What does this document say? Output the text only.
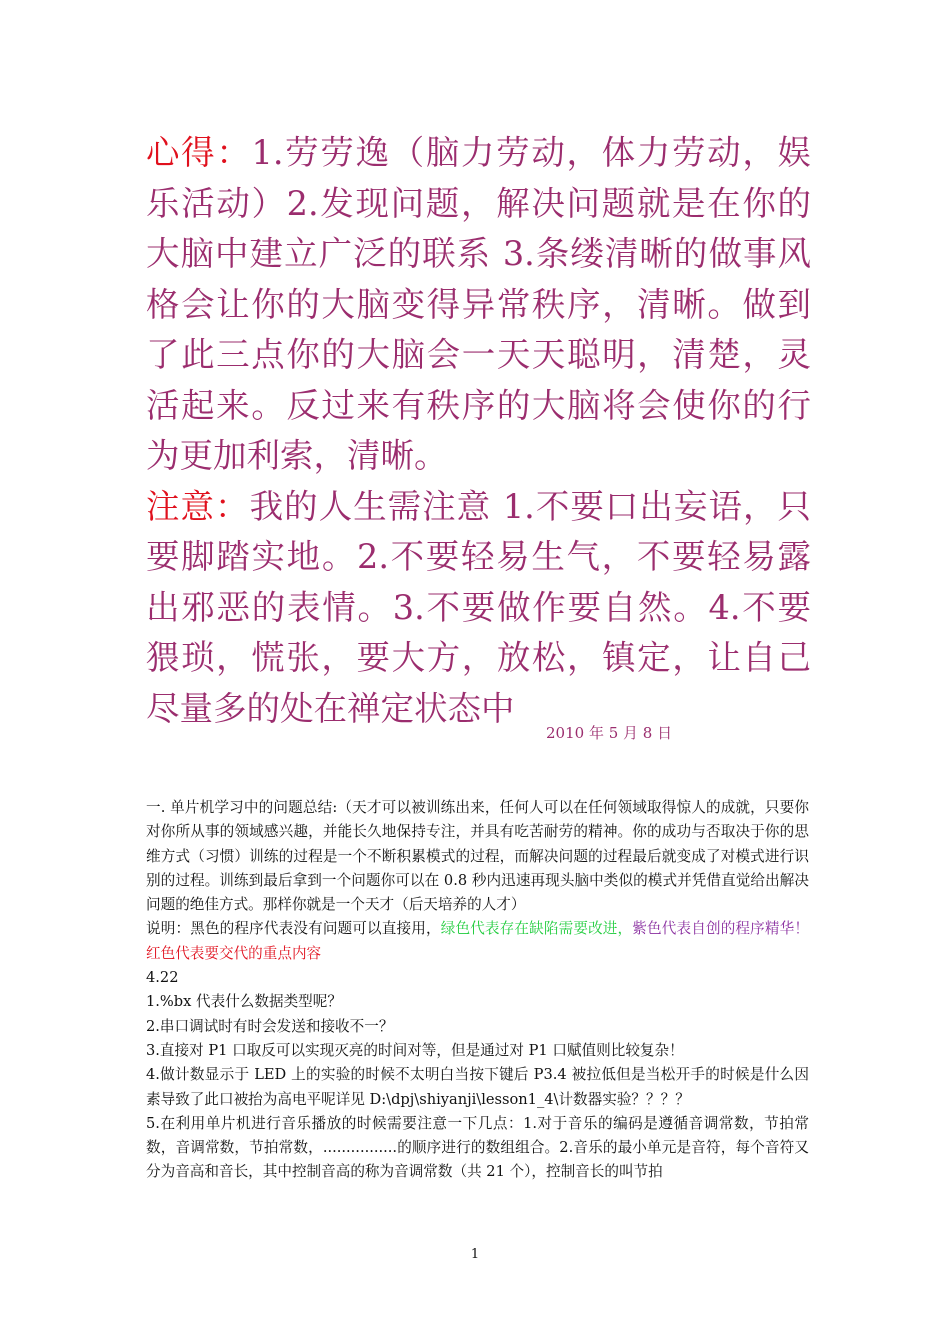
心得：1.劳劳逸（脑力劳动，体力劳动，娱乐活动）2.发现问题，解决问题就是在你的大脑中建立广泛的联系 3.条缕清晰的做事风格会让你的大脑变得异常秩序，清晰。做到了此三点你的大脑会一天天聪明，清楚，灵活起来。反过来有秩序的大脑将会使你的行为更加利索，清晰。
注意：我的人生需注意 1.不要口出妄语，只要脚踏实地。2.不要轻易生气，不要轻易露出邪恶的表情。3.不要做作要自然。4.不要猥琐，慌张，要大方，放松，镇定，让自己尽量多的处在禅定状态中
2010 年 5 月 8 日

一. 单片机学习中的问题总结:（天才可以被训练出来，任何人可以在任何领域取得惊人的成就，只要你对你所从事的领域感兴趣，并能长久地保持专注，并具有吃苦耐劳的精神。你的成功与否取决于你的思维方式（习惯）训练的过程是一个不断积累模式的过程，而解决问题的过程最后就变成了对模式进行识别的过程。训练到最后拿到一个问题你可以在 0.8 秒内迅速再现头脑中类似的模式并凭借直觉给出解决问题的绝佳方式。那样你就是一个天才（后天培养的人才）

说明：黑色的程序代表没有问题可以直接用，绿色代表存在缺陷需要改进，紫色代表自创的程序精华！红色代表要交代的重点内容

4.22

1.%bx 代表什么数据类型呢？

2.串口调试时有时会发送和接收不一？

3.直接对 P1 口取反可以实现灭亮的时间对等，但是通过对 P1 口赋值则比较复杂！

4.做计数显示于 LED 上的实验的时候不太明白当按下键后 P3.4 被拉低但是当松开手的时候是什么因素导致了此口被抬为高电平呢详见 D:\dpj\shiyanji\lesson1_4\计数器实验？？？？

5.在利用单片机进行音乐播放的时候需要注意一下几点：1.对于音乐的编码是遵循音调常数，节拍常数，音调常数，节拍常数，................的顺序进行的数组组合。2.音乐的最小单元是音符，每个音符又分为音高和音长，其中控制音高的称为音调常数（共 21 个），控制音长的叫节拍

1
